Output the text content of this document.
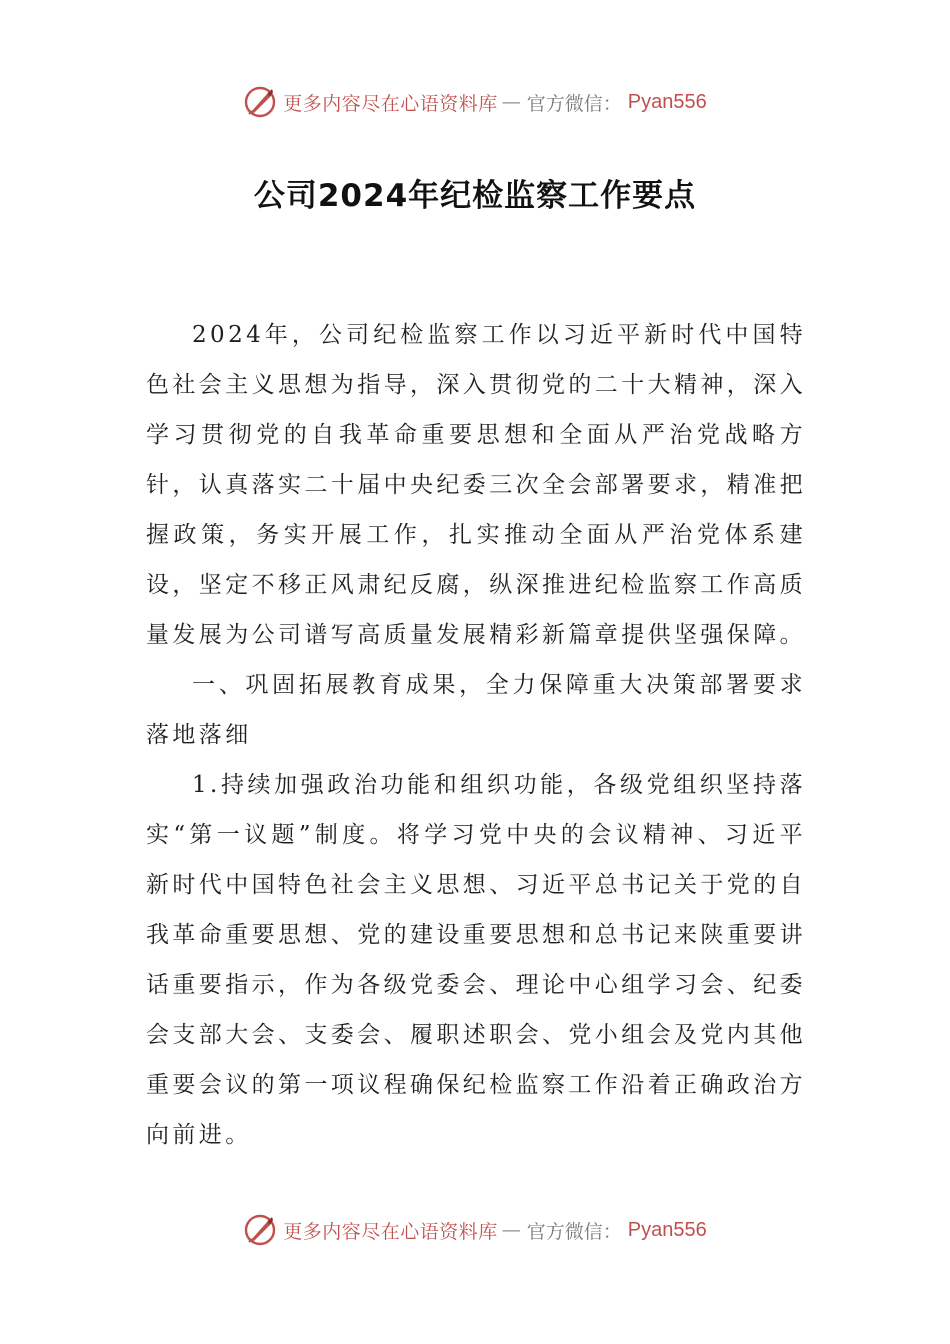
更多内容尽在心语资料库 — 官方微信： Pyan556
公司2024年纪检监察工作要点

2024年，公司纪检监察工作以习近平新时代中国特色社会主义思想为指导，深入贯彻党的二十大精神，深入学习贯彻党的自我革命重要思想和全面从严治党战略方针，认真落实二十届中央纪委三次全会部署要求，精准把握政策，务实开展工作，扎实推动全面从严治党体系建设，坚定不移正风肃纪反腐，纵深推进纪检监察工作高质量发展为公司谱写高质量发展精彩新篇章提供坚强保障。

一、巩固拓展教育成果，全力保障重大决策部署要求落地落细

1.持续加强政治功能和组织功能，各级党组织坚持落实“第一议题”制度。将学习党中央的会议精神、习近平新时代中国特色社会主义思想、习近平总书记关于党的自我革命重要思想、党的建设重要思想和总书记来陕重要讲话重要指示，作为各级党委会、理论中心组学习会、纪委会支部大会、支委会、履职述职会、党小组会及党内其他重要会议的第一项议程确保纪检监察工作沿着正确政治方向前进。

更多内容尽在心语资料库 — 官方微信： Pyan556
